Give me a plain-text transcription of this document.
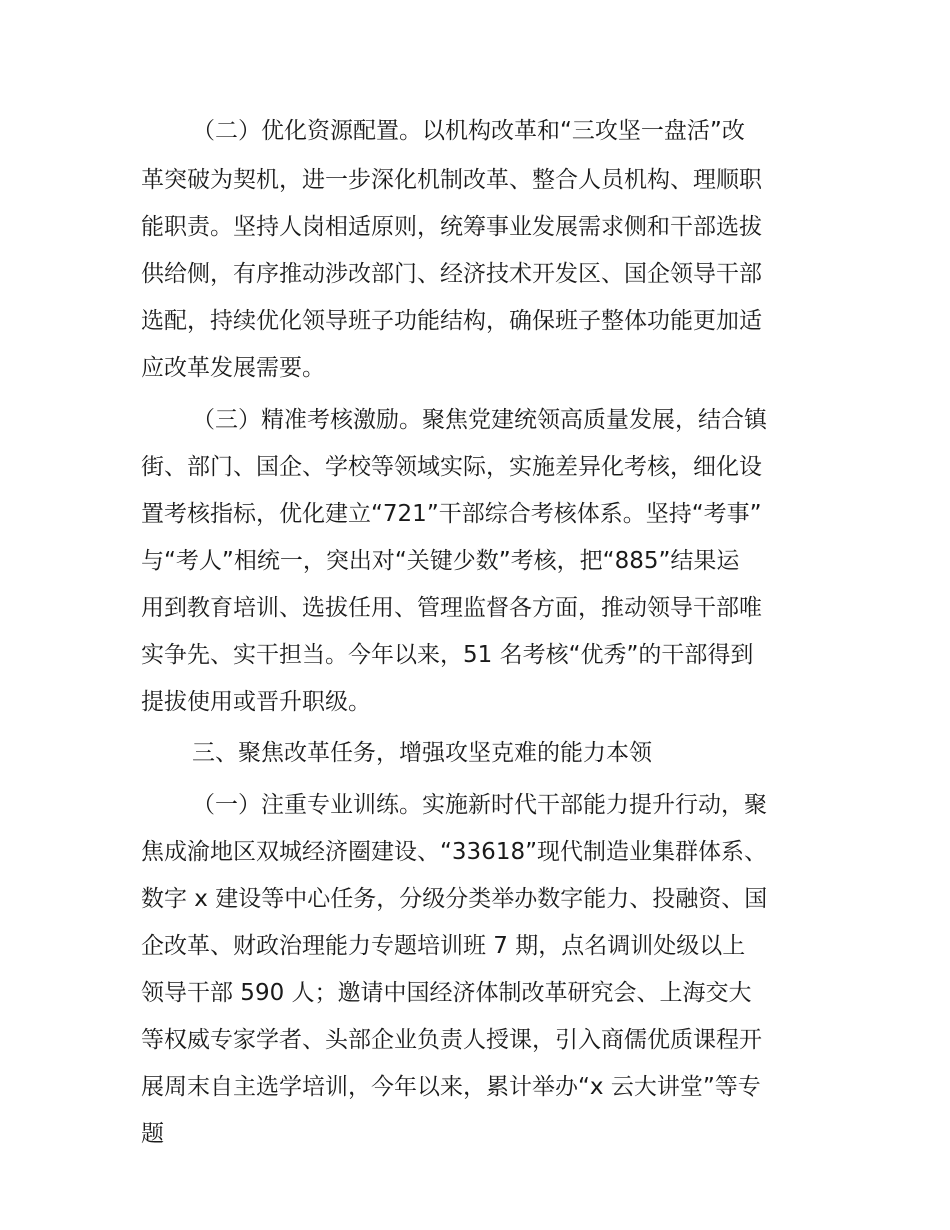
（二）优化资源配置。以机构改革和“三攻坚一盘活”改
革突破为契机，进一步深化机制改革、整合人员机构、理顺职
能职责。坚持人岗相适原则，统筹事业发展需求侧和干部选拔
供给侧，有序推动涉改部门、经济技术开发区、国企领导干部
选配，持续优化领导班子功能结构，确保班子整体功能更加适
应改革发展需要。
（三）精准考核激励。聚焦党建统领高质量发展，结合镇
街、部门、国企、学校等领域实际，实施差异化考核，细化设
置考核指标，优化建立“721”干部综合考核体系。坚持“考事”
与“考人”相统一，突出对“关键少数”考核，把“885”结果运
用到教育培训、选拔任用、管理监督各方面，推动领导干部唯
实争先、实干担当。今年以来，51 名考核“优秀”的干部得到
提拔使用或晋升职级。
三、聚焦改革任务，增强攻坚克难的能力本领
（一）注重专业训练。实施新时代干部能力提升行动，聚
焦成渝地区双城经济圈建设、“33618”现代制造业集群体系、
数字 x 建设等中心任务，分级分类举办数字能力、投融资、国
企改革、财政治理能力专题培训班 7 期，点名调训处级以上
领导干部 590 人；邀请中国经济体制改革研究会、上海交大
等权威专家学者、头部企业负责人授课，引入商儒优质课程开
展周末自主选学培训，今年以来，累计举办“x 云大讲堂”等专
题
